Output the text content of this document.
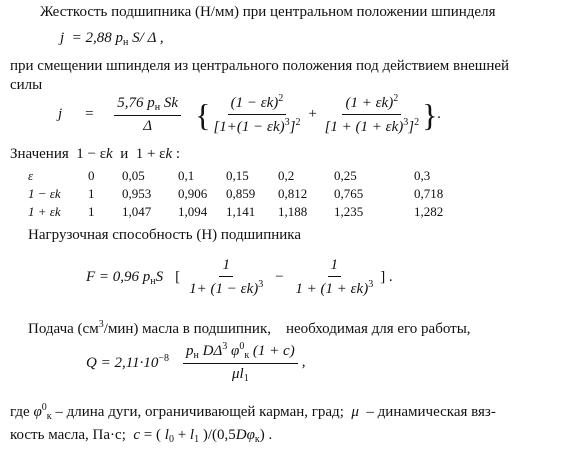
Жесткость подшипника (Н/мм) при центральном положении шпинделя
j  = 2,88 $p_н$ S/ Δ ,
при смещении шпинделя из центрального положения под действием внешней
силы
$j = \frac{5,76 p_н Sk}{\Delta}$ { $\frac{(1 - \varepsilon k)^2}{[1+(1 - \varepsilon k)^3]^2} + \frac{(1 + \varepsilon k)^2}{[1 + (1 + \varepsilon k)^3]^2}$ } .
Значения  1 − εk  и  1 + εk :
ε	0	0,05	0,1	0,15	0,2	0,25	0,3
1 − εk	1	0,953	0,906	0,859	0,812	0,765	0,718
1 + εk	1	1,047	1,094	1,141	1,188	1,235	1,282
Нагрузочная способность (Н) подшипника
F = 0,96 $p_нS$ [ $\frac{1}{1+ (1 - \varepsilon k)^3} - \frac{1}{1 + (1 + \varepsilon k)^3}$ ] .
Подача $(см^3/мин)$ масла в подшипник,    необходимая для его работы,
$Q = 2,11\cdot 10^{-8} \frac{p_н D\Delta^3 \varphi^0_к (1 + c)}{\mu l_1}$ ,
где $\varphi^0_к$ – длина дуги, ограничивающей карман, град;  μ  – динамическая вяз-
кость масла, Па·с;  c = ( $l_0 + l_1$ )$/(0,5D\varphi_к)$ .
